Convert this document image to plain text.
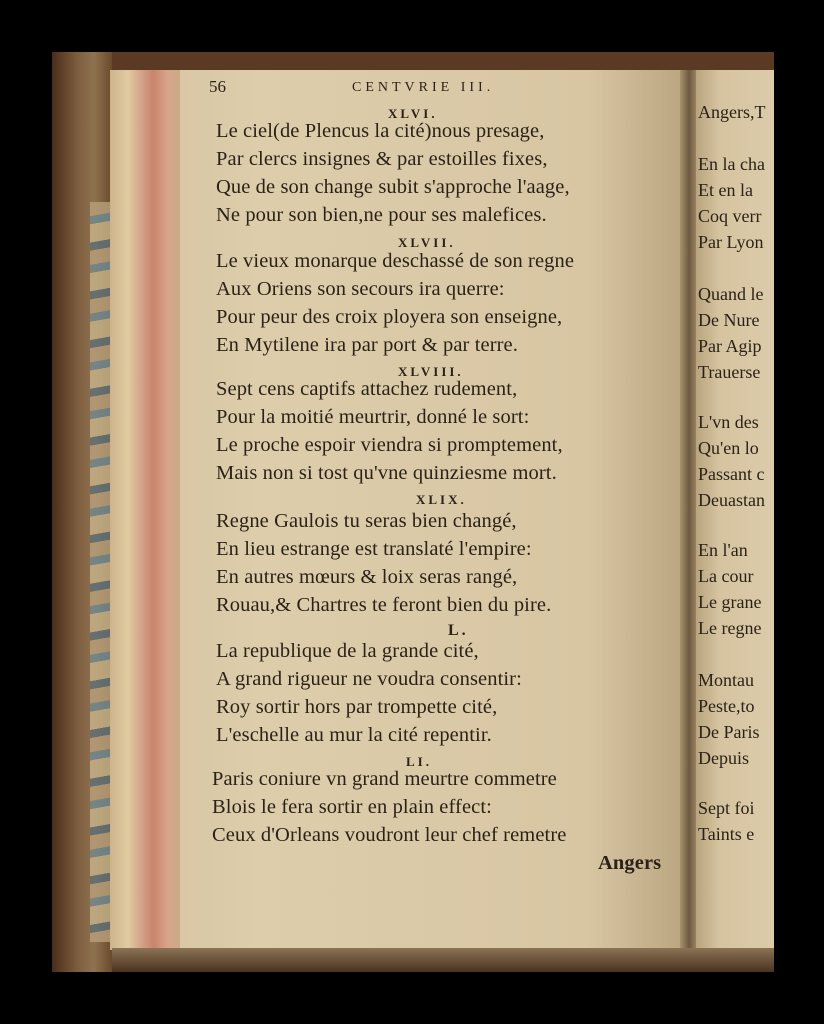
56	CENTVRIE III.
XLVI.
Le ciel(de Plencus la cité)nous presage,
Par clercs insignes & par estoilles fixes,
Que de son change subit s'approche l'aage,
Ne pour son bien,ne pour ses malefices.
XLVII.
Le vieux monarque deschassé de son regne
Aux Oriens son secours ira querre:
Pour peur des croix ployera son enseigne,
En Mytilene ira par port & par terre.
XLVIII.
Sept cens captifs attachez rudement,
Pour la moitié meurtrir, donné le sort:
Le proche espoir viendra si promptement,
Mais non si tost qu'vne quinziesme mort.
XLIX.
Regne Gaulois tu seras bien changé,
En lieu estrange est translaté l'empire:
En autres mœurs & loix seras rangé,
Rouau,& Chartres te feront bien du pire.
L.
La republique de la grande cité,
A grand rigueur ne voudra consentir:
Roy sortir hors par trompette cité,
L'eschelle au mur la cité repentir.
LI.
Paris coniure vn grand meurtre commetre
Blois le fera sortir en plain effect:
Ceux d'Orleans voudront leur chef remetre
Angers
Angers,T
En la cha
Et en la
Coq verr
Par Lyon
Quand le
De Nure
Par Agip
Trauerse
L'vn des
Qu'en lo
Passant c
Deuastan
En l'an
La cour
Le grane
Le regne
Montau
Peste,to
De Paris
Depuis
Sept foi
Taints e
